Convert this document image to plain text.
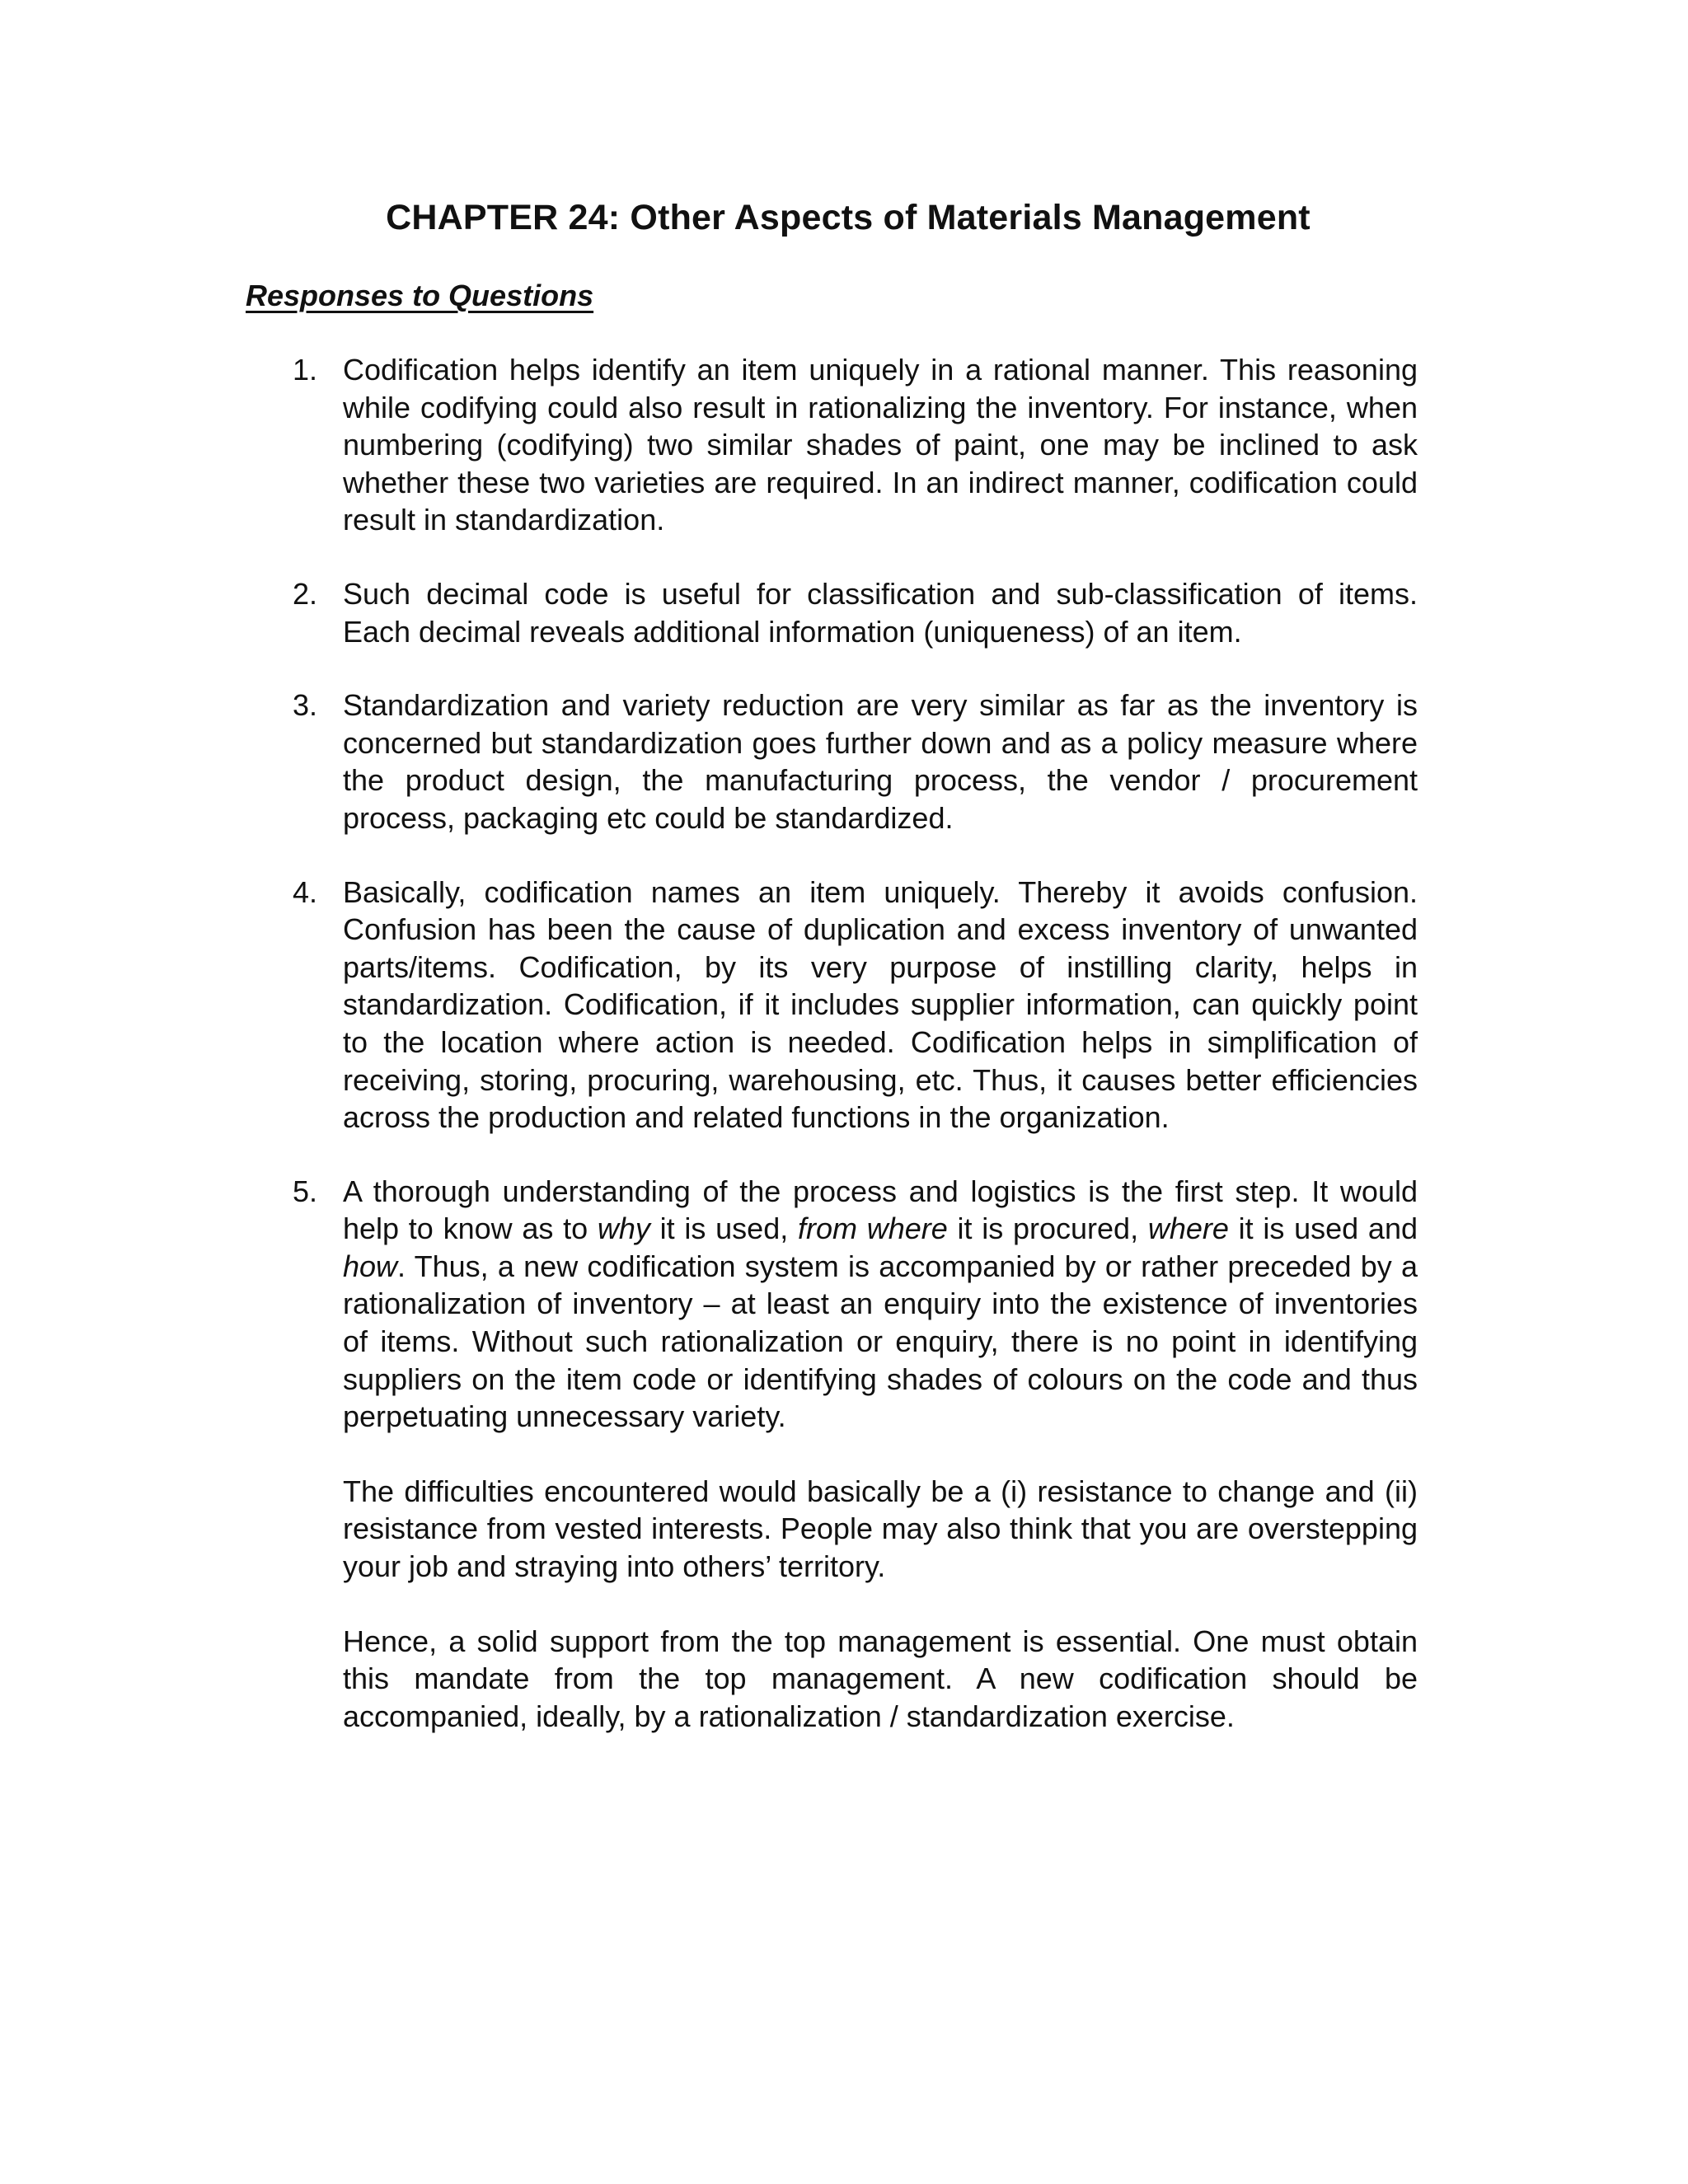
CHAPTER 24: Other Aspects of Materials Management
Responses to Questions
1. Codification helps identify an item uniquely in a rational manner. This reasoning while codifying could also result in rationalizing the inventory. For instance, when numbering (codifying) two similar shades of paint, one may be inclined to ask whether these two varieties are required. In an indirect manner, codification could result in standardization.

2. Such decimal code is useful for classification and sub-classification of items. Each decimal reveals additional information (uniqueness) of an item.

3. Standardization and variety reduction are very similar as far as the inventory is concerned but standardization goes further down and as a policy measure where the product design, the manufacturing process, the vendor / procurement process, packaging etc could be standardized.

4. Basically, codification names an item uniquely. Thereby it avoids confusion. Confusion has been the cause of duplication and excess inventory of unwanted parts/items. Codification, by its very purpose of instilling clarity, helps in standardization. Codification, if it includes supplier information, can quickly point to the location where action is needed. Codification helps in simplification of receiving, storing, procuring, warehousing, etc. Thus, it causes better efficiencies across the production and related functions in the organization.

5. A thorough understanding of the process and logistics is the first step. It would help to know as to why it is used, from where it is procured, where it is used and how. Thus, a new codification system is accompanied by or rather preceded by a rationalization of inventory – at least an enquiry into the existence of inventories of items. Without such rationalization or enquiry, there is no point in identifying suppliers on the item code or identifying shades of colours on the code and thus perpetuating unnecessary variety.

The difficulties encountered would basically be a (i) resistance to change and (ii) resistance from vested interests. People may also think that you are overstepping your job and straying into others’ territory.

Hence, a solid support from the top management is essential. One must obtain this mandate from the top management. A new codification should be accompanied, ideally, by a rationalization / standardization exercise.
